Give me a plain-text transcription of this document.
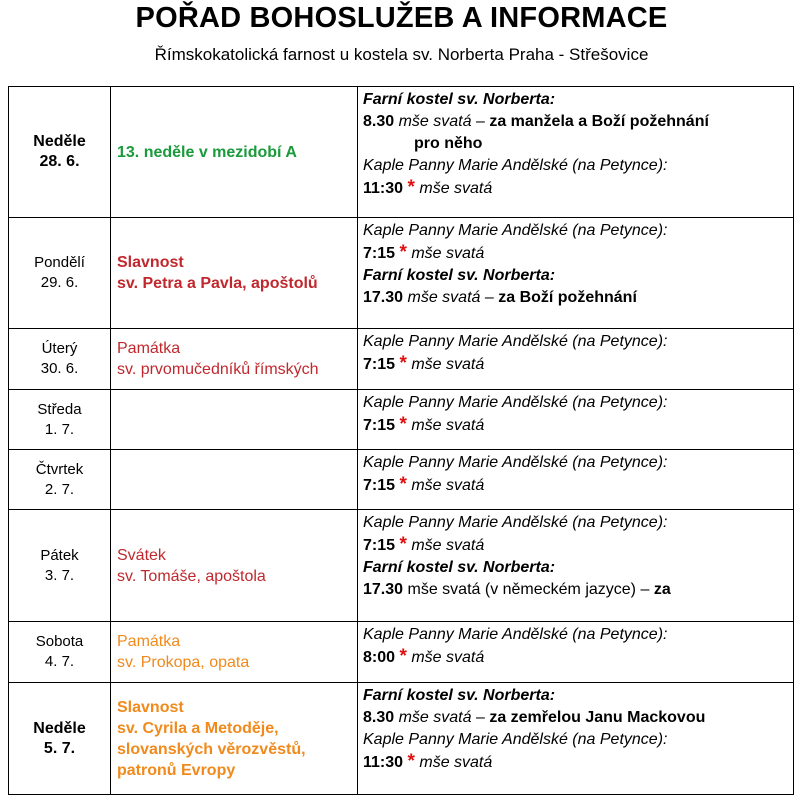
POŘAD BOHOSLUŽEB A INFORMACE
Římskokatolická farnost u kostela sv. Norberta Praha - Střešovice
Neděle
28. 6.	13. neděle v mezidobí A	Farní kostel sv. Norberta:
8.30 mše svatá – za manžela a Boží požehnání
pro něho
Kaple Panny Marie Andělské (na Petynce):
11:30 * mše svatá

Pondělí
29. 6.	Slavnost
sv. Petra a Pavla, apoštolů	Kaple Panny Marie Andělské (na Petynce):
7:15 * mše svatá
Farní kostel sv. Norberta:
17.30 mše svatá – za Boží požehnání

Úterý
30. 6.	Památka
sv. prvomučedníků římských	Kaple Panny Marie Andělské (na Petynce):
7:15 * mše svatá

Středa
1. 7.		Kaple Panny Marie Andělské (na Petynce):
7:15 * mše svatá

Čtvrtek
2. 7.		Kaple Panny Marie Andělské (na Petynce):
7:15 * mše svatá

Pátek
3. 7.	Svátek
sv. Tomáše, apoštola	Kaple Panny Marie Andělské (na Petynce):
7:15 * mše svatá
Farní kostel sv. Norberta:
17.30 mše svatá (v německém jazyce) – za

Sobota
4. 7.	Památka
sv. Prokopa, opata	Kaple Panny Marie Andělské (na Petynce):
8:00 * mše svatá

Neděle
5. 7.	Slavnost
sv. Cyrila a Metoděje,
slovanských věrozvěstů,
patronů Evropy	Farní kostel sv. Norberta:
8.30 mše svatá – za zemřelou Janu Mackovou
Kaple Panny Marie Andělské (na Petynce):
11:30 * mše svatá
